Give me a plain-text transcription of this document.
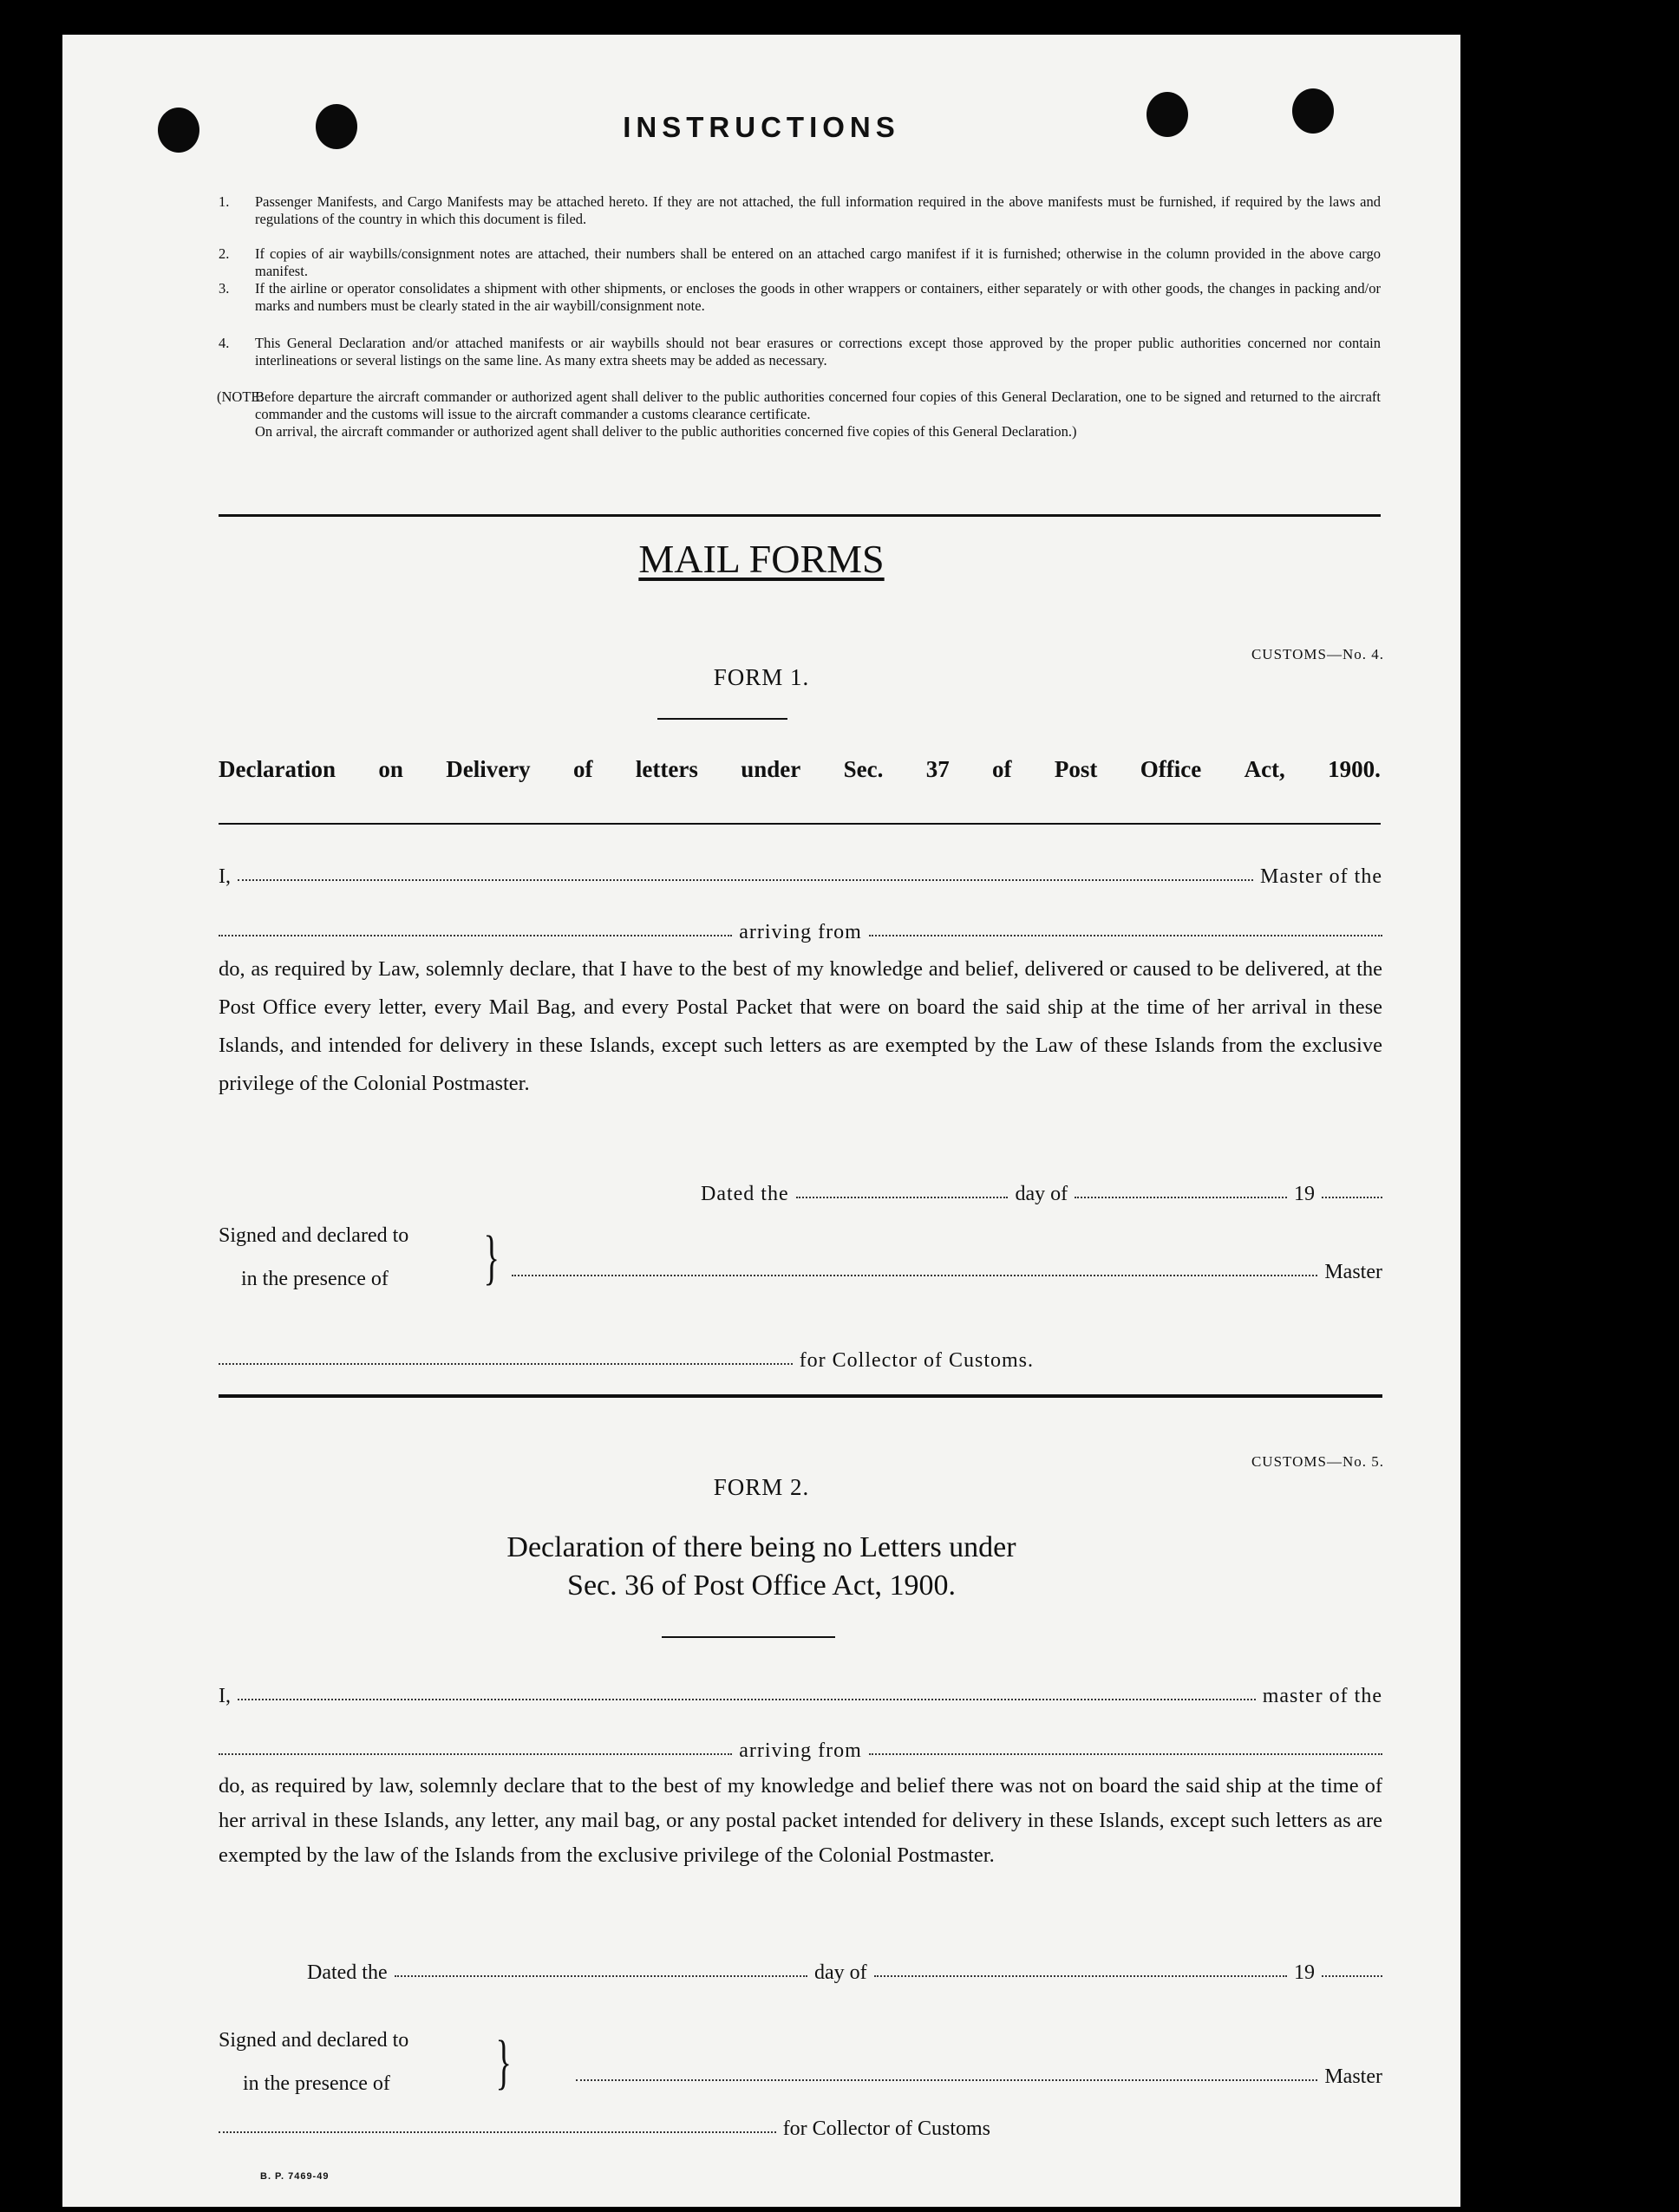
INSTRUCTIONS
1. Passenger Manifests, and Cargo Manifests may be attached hereto. If they are not attached, the full information required in the above manifests must be furnished, if required by the laws and regulations of the country in which this document is filed.
2. If copies of air waybills/consignment notes are attached, their numbers shall be entered on an attached cargo manifest if it is furnished; otherwise in the column provided in the above cargo manifest.
3. If the airline or operator consolidates a shipment with other shipments, or encloses the goods in other wrappers or containers, either separately or with other goods, the changes in packing and/or marks and numbers must be clearly stated in the air waybill/consignment note.
4. This General Declaration and/or attached manifests or air waybills should not bear erasures or corrections except those approved by the proper public authorities concerned nor contain interlineations or several listings on the same line. As many extra sheets may be added as necessary.
(NOTE:
Before departure the aircraft commander or authorized agent shall deliver to the public authorities concerned four copies of this General Declaration, one to be signed and returned to the aircraft commander and the customs will issue to the aircraft commander a customs clearance certificate.
On arrival, the aircraft commander or authorized agent shall deliver to the public authorities concerned five copies of this General Declaration.)
MAIL FORMS
CUSTOMS—No. 4.
FORM 1.
Declaration on Delivery of letters under Sec. 37 of Post Office Act, 1900.
I,	Master of the
arriving from
do, as required by Law, solemnly declare, that I have to the best of my knowledge and belief, delivered or caused to be delivered, at the Post Office every letter, every Mail Bag, and every Postal Packet that were on board the said ship at the time of her arrival in these Islands, and intended for delivery in these Islands, except such letters as are exempted by the Law of these Islands from the exclusive privilege of the Colonial Postmaster.
Dated the	day of	19
Signed and declared to
in the presence of }	Master
for Collector of Customs.
CUSTOMS—No. 5.
FORM 2.
Declaration of there being no Letters under
Sec. 36 of Post Office Act, 1900.
I,	master of the
arriving from
do, as required by law, solemnly declare that to the best of my knowledge and belief there was not on board the said ship at the time of her arrival in these Islands, any letter, any mail bag, or any postal packet intended for delivery in these Islands, except such letters as are exempted by the law of the Islands from the exclusive privilege of the Colonial Postmaster.
Dated the	day of	19
Signed and declared to
in the presence of }	Master
for Collector of Customs
B. P. 7469-49
